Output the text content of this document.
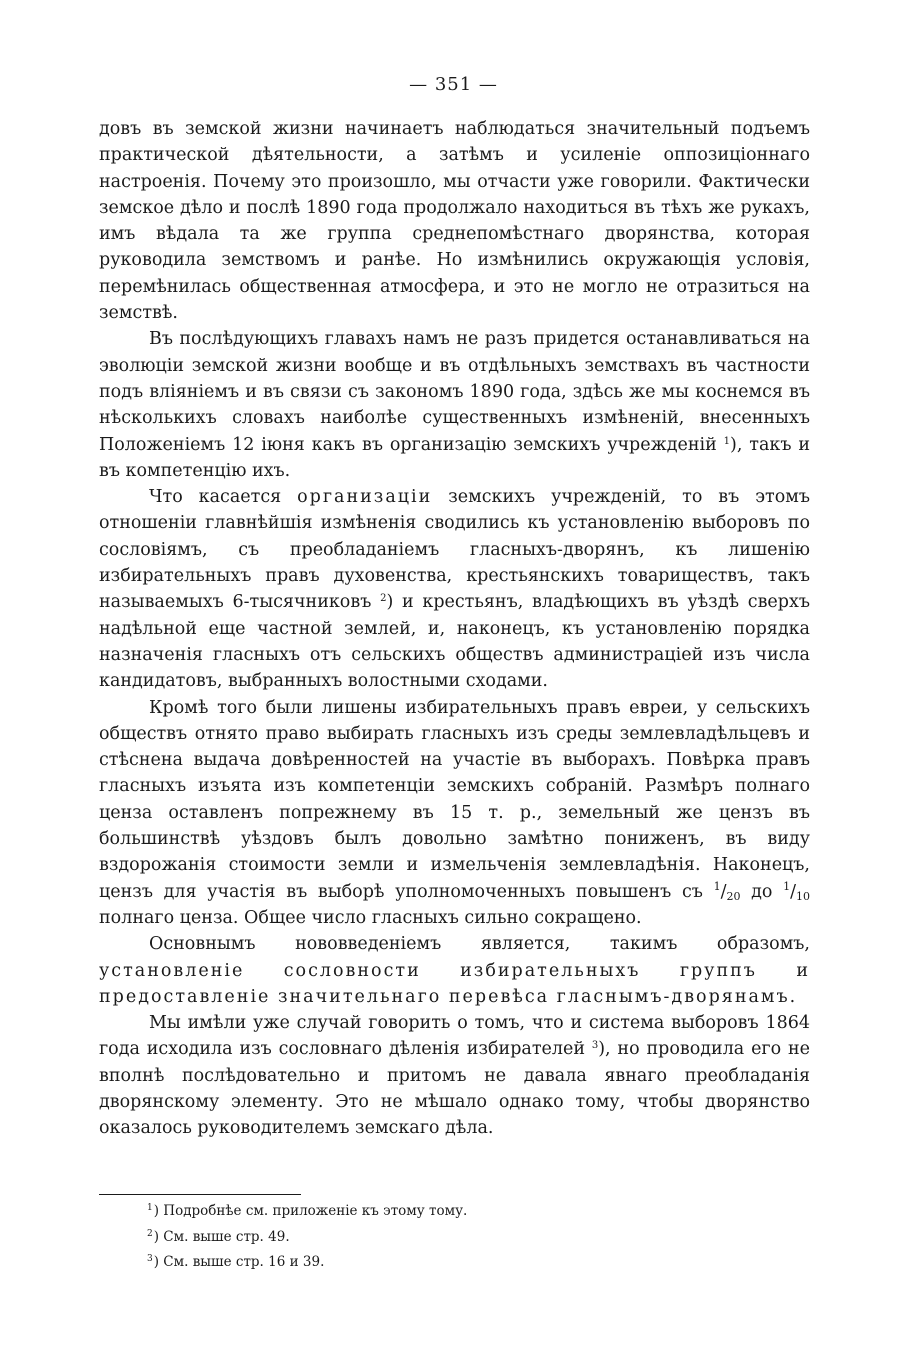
— 351 —

довъ въ земской жизни начинаетъ наблюдаться значительный подъемъ практической дѣятельности, а затѣмъ и усиленіе оппозиціоннаго настроенія. Почему это произошло, мы отчасти уже говорили. Фактически земское дѣло и послѣ 1890 года продолжало находиться въ тѣхъ же рукахъ, имъ вѣдала та же группа среднепомѣстнаго дворянства, которая руководила земствомъ и ранѣе. Но измѣнились окружающія условія, перемѣнилась общественная атмосфера, и это не могло не отразиться на земствѣ.

Въ послѣдующихъ главахъ намъ не разъ придется останавливаться на эволюціи земской жизни вообще и въ отдѣльныхъ земствахъ въ частности подъ вліяніемъ и въ связи съ закономъ 1890 года, здѣсь же мы коснемся въ нѣсколькихъ словахъ наиболѣе существенныхъ измѣненій, внесенныхъ Положеніемъ 12 іюня какъ въ организацію земскихъ учрежденій $^1$), такъ и въ компетенцію ихъ.

Что касается организаціи земскихъ учрежденій, то въ этомъ отношеніи главнѣйшія измѣненія сводились къ установленію выборовъ по сословіямъ, съ преобладаніемъ гласныхъ-дворянъ, къ лишенію избирательныхъ правъ духовенства, крестьянскихъ товариществъ, такъ называемыхъ 6-тысячниковъ $^2$) и крестьянъ, владѣющихъ въ уѣздѣ сверхъ надѣльной еще частной землей, и, наконецъ, къ установленію порядка назначенія гласныхъ отъ сельскихъ обществъ администраціей изъ числа кандидатовъ, выбранныхъ волостными сходами.

Кромѣ того были лишены избирательныхъ правъ евреи, у сельскихъ обществъ отнято право выбирать гласныхъ изъ среды землевладѣльцевъ и стѣснена выдача довѣренностей на участіе въ выборахъ. Повѣрка правъ гласныхъ изъята изъ компетенціи земскихъ собраній. Размѣръ полнаго ценза оставленъ попрежнему въ 15 т. р., земельный же цензъ въ большинствѣ уѣздовъ былъ довольно замѣтно пониженъ, въ виду вздорожанія стоимости земли и измельченія землевладѣнія. Наконецъ, цензъ для участія въ выборѣ уполномоченныхъ повышенъ съ $^1/_{20}$ до $^1/_{10}$ полнаго ценза. Общее число гласныхъ сильно сокращено.

Основнымъ нововведеніемъ является, такимъ образомъ, установленіе сословности избирательныхъ группъ и предоставленіе значительнаго перевѣса гласнымъ-дворянамъ.

Мы имѣли уже случай говорить о томъ, что и система выборовъ 1864 года исходила изъ сословнаго дѣленія избирателей $^3$), но проводила его не вполнѣ послѣдовательно и притомъ не давала явнаго преобладанія дворянскому элементу. Это не мѣшало однако тому, чтобы дворянство оказалось руководителемъ земскаго дѣла.

$^1$) Подробнѣе см. приложеніе къ этому тому.
$^2$) См. выше стр. 49.
$^3$) См. выше стр. 16 и 39.
